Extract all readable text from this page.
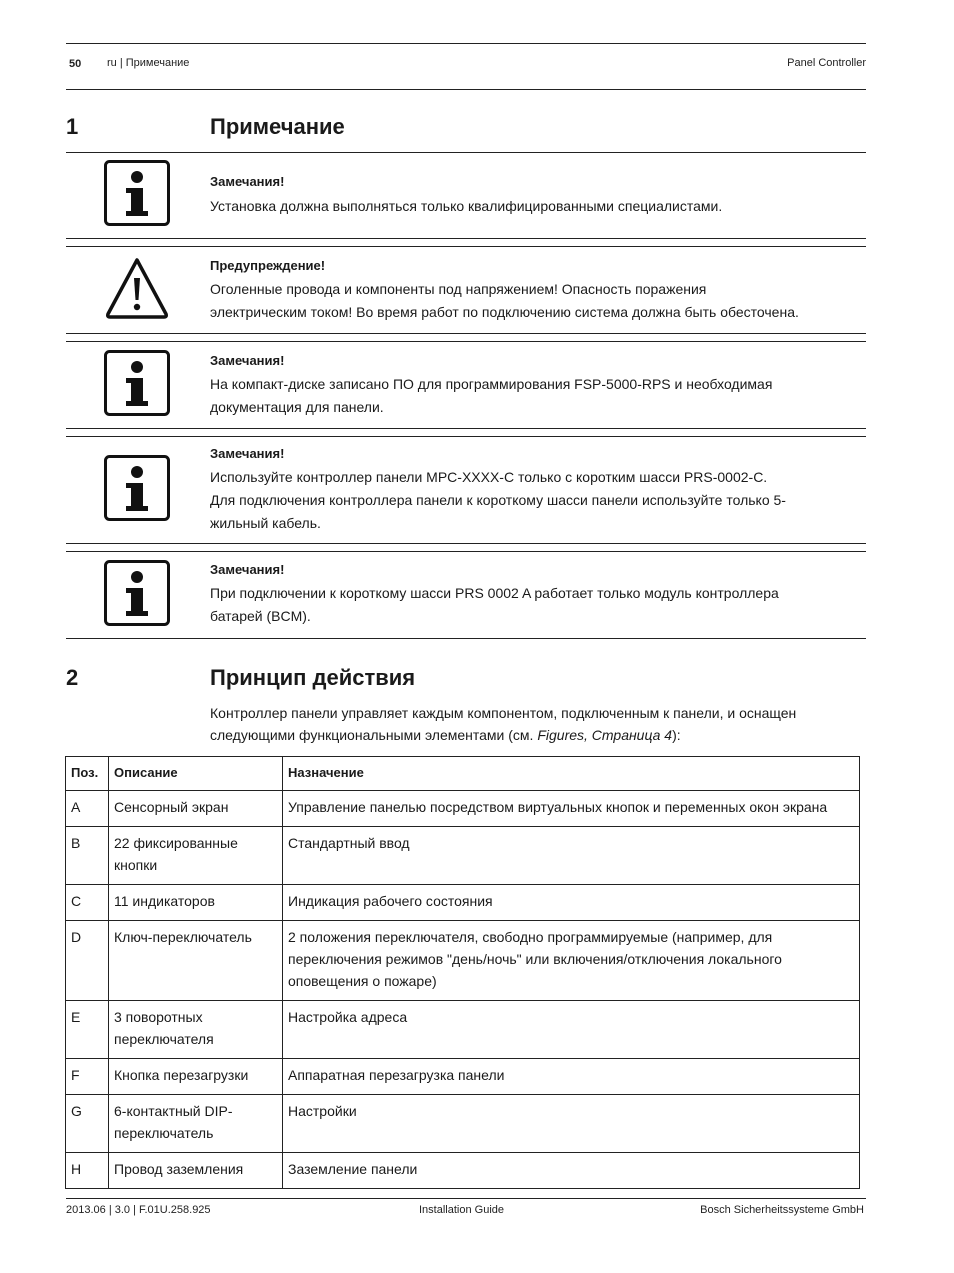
50 ru | Примечание	Panel Controller
1	Примечание
Замечания!
Установка должна выполняться только квалифицированными специалистами.
Предупреждение!
Оголенные провода и компоненты под напряжением! Опасность поражения
электрическим током! Во время работ по подключению система должна быть обесточена.
Замечания!
На компакт-диске записано ПО для программирования FSP-5000-RPS и необходимая
документация для панели.
Замечания!
Используйте контроллер панели MPC-XXXX-C только с коротким шасси PRS-0002-C.
Для подключения контроллера панели к короткому шасси панели используйте только 5-
жильный кабель.
Замечания!
При подключении к короткому шасси PRS 0002 A работает только модуль контроллера
батарей (BCM).
2	Принцип действия
Контроллер панели управляет каждым компонентом, подключенным к панели, и оснащен
следующими функциональными элементами (см. Figures, Страница 4):
Поз.	Описание	Назначение
A	Сенсорный экран	Управление панелью посредством виртуальных кнопок и переменных окон экрана
B	22 фиксированные кнопки	Стандартный ввод
C	11 индикаторов	Индикация рабочего состояния
D	Ключ-переключатель	2 положения переключателя, свободно программируемые (например, для переключения режимов "день/ночь" или включения/отключения локального оповещения о пожаре)
E	3 поворотных переключателя	Настройка адреса
F	Кнопка перезагрузки	Аппаратная перезагрузка панели
G	6-контактный DIP-переключатель	Настройки
H	Провод заземления	Заземление панели
2013.06 | 3.0 | F.01U.258.925	Installation Guide	Bosch Sicherheitssysteme GmbH
